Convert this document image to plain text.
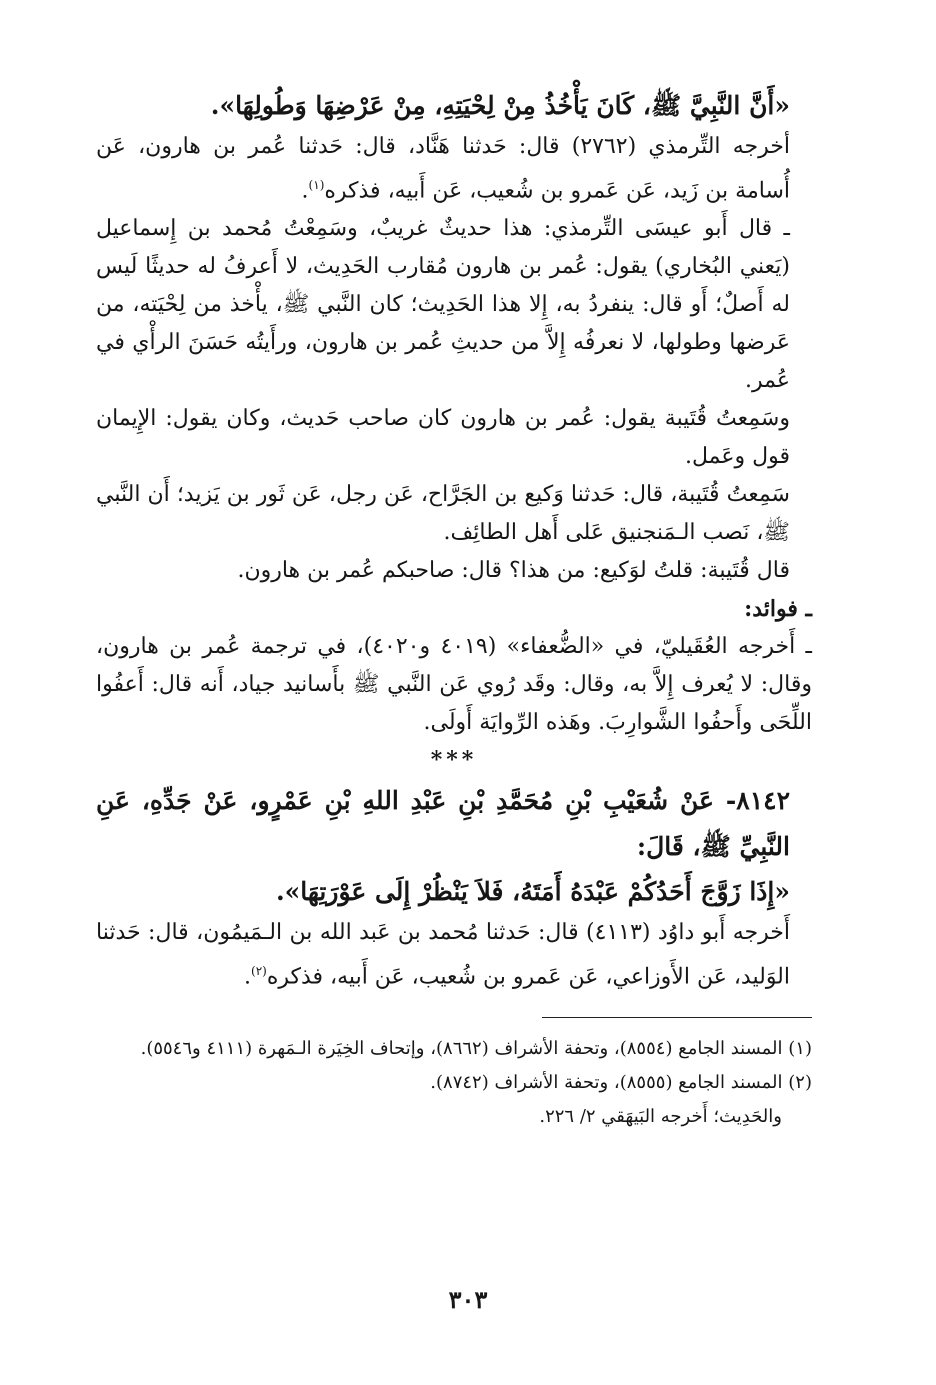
«أَنَّ النَّبِيَّ ﷺ، كَانَ يَأْخُذُ مِنْ لِحْيَتِهِ، مِنْ عَرْضِهَا وَطُولِهَا».

أخرجه التِّرمذي (٢٧٦٢) قال: حَدثنا هَنَّاد، قال: حَدثنا عُمر بن هارون، عَن أُسامة بن زَيد، عَن عَمرو بن شُعيب، عَن أَبيه، فذكره$^{(١)}$.

ـ قال أَبو عيسَى التِّرمذي: هذا حديثٌ غريبٌ، وسَمِعْتُ مُحمد بن إِسماعيل (يَعني البُخاري) يقول: عُمر بن هارون مُقارب الحَدِيث، لا أَعرفُ له حديثًا لَيس له أَصلٌ؛ أَو قال: ينفردُ به، إِلا هذا الحَدِيث؛ كان النَّبي ﷺ، يأْخذ من لِحْيَته، من عَرضها وطولها، لا نعرفُه إِلاَّ من حديثِ عُمر بن هارون، ورأَيتُه حَسَنَ الرأْي في عُمر.

وسَمِعتُ قُتَيبة يقول: عُمر بن هارون كان صاحب حَديث، وكان يقول: الإِيمان قول وعَمل.

سَمِعتُ قُتَيبة، قال: حَدثنا وَكيع بن الجَرَّاح، عَن رجل، عَن ثَور بن يَزيد؛ أَن النَّبي ﷺ، نَصب الـمَنجنيق عَلى أَهل الطائِف.

قال قُتَيبة: قلتُ لوَكيع: من هذا؟ قال: صاحبكم عُمر بن هارون.

ـ فوائد:

ـ أَخرجه العُقَيليّ، في «الضُّعفاء» (٤٠١٩ و٤٠٢٠)، في ترجمة عُمر بن هارون، وقال: لا يُعرف إِلاَّ به، وقال: وقَد رُوي عَن النَّبي ﷺ بأَسانيد جياد، أَنه قال: أَعفُوا اللِّحَى وأَحفُوا الشَّوارِبَ. وهَذه الرِّوايَة أَولَى.

***

٨١٤٢- عَنْ شُعَيْبِ بْنِ مُحَمَّدِ بْنِ عَبْدِ اللهِ بْنِ عَمْرٍو، عَنْ جَدِّهِ، عَنِ النَّبِيِّ ﷺ، قَالَ:

«إِذَا زَوَّجَ أَحَدُكُمْ عَبْدَهُ أَمَتَهُ، فَلاَ يَنْظُرْ إِلَى عَوْرَتِهَا».

أَخرجه أَبو داوُد (٤١١٣) قال: حَدثنا مُحمد بن عَبد الله بن الـمَيمُون، قال: حَدثنا الوَليد، عَن الأَوزاعي، عَن عَمرو بن شُعيب، عَن أَبيه، فذكره$^{(٢)}$.

(١) المسند الجامع (٨٥٥٤)، وتحفة الأشراف (٨٦٦٢)، وإتحاف الخِيَرة الـمَهرة (٤١١١ و٥٥٤٦).

(٢) المسند الجامع (٨٥٥٥)، وتحفة الأشراف (٨٧٤٢).

والحَدِيث؛ أَخرجه البَيهَقي ٢/ ٢٢٦.

٣٠٣
